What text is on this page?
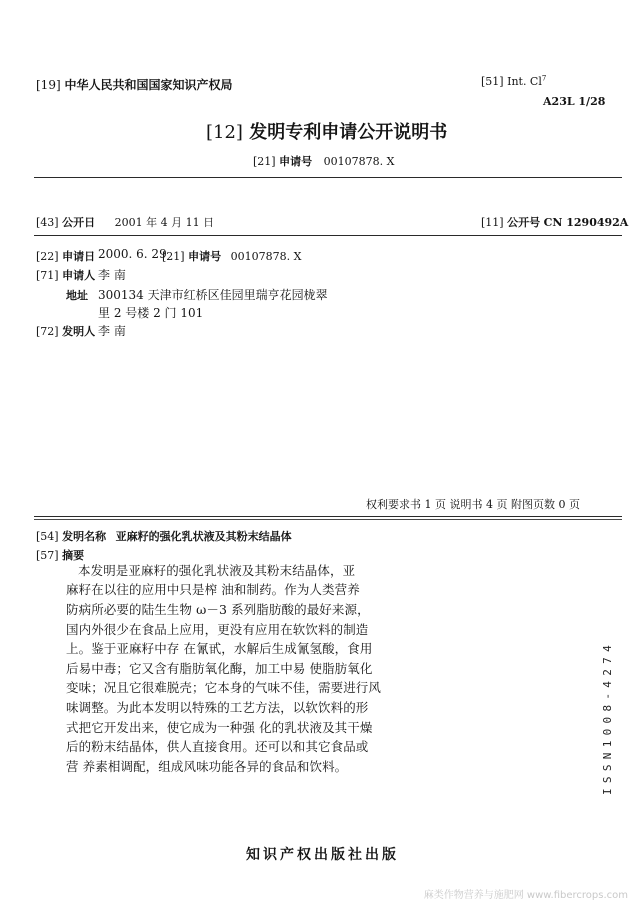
[19] 中华人民共和国国家知识产权局	[51] Int. Cl$^7$
A23L 1/28
[12] 发明专利申请公开说明书
[21] 申请号 00107878. X
[43] 公开日 2001 年 4 月 11 日	[11] 公开号 CN 1290492A
[22] 申请日 2000. 6. 29
[21] 申请号 00107878. X
[71] 申请人 李 南
地址 300134 天津市红桥区佳园里瑞亨花园栊翠
里 2 号楼 2 门 101
[72] 发明人 李 南
权利要求书 1 页 说明书 4 页 附图页数 0 页
[54] 发明名称 亚麻籽的强化乳状液及其粉末结晶体
[57] 摘要
本发明是亚麻籽的强化乳状液及其粉末结晶体，亚
麻籽在以往的应用中只是榨 油和制药。作为人类营养
防病所必要的陆生生物 ω－3 系列脂肪酸的最好来源，
国内外很少在食品上应用，更没有应用在软饮料的制造
上。鉴于亚麻籽中存 在氰甙，水解后生成氰氢酸，食用
后易中毒；它又含有脂肪氧化酶，加工中易 使脂肪氧化
变味；况且它很难脱壳；它本身的气味不佳，需要进行风
味调整。为此本发明以特殊的工艺方法，以软饮料的形
式把它开发出来，使它成为一种强 化的乳状液及其干燥
后的粉末结晶体，供人直接食用。还可以和其它食品或
营 养素相调配，组成风味功能各异的食品和饮料。	ISSN1008-4274
知识产权出版社出版
麻类作物营养与施肥网 www.fibercrops.com
